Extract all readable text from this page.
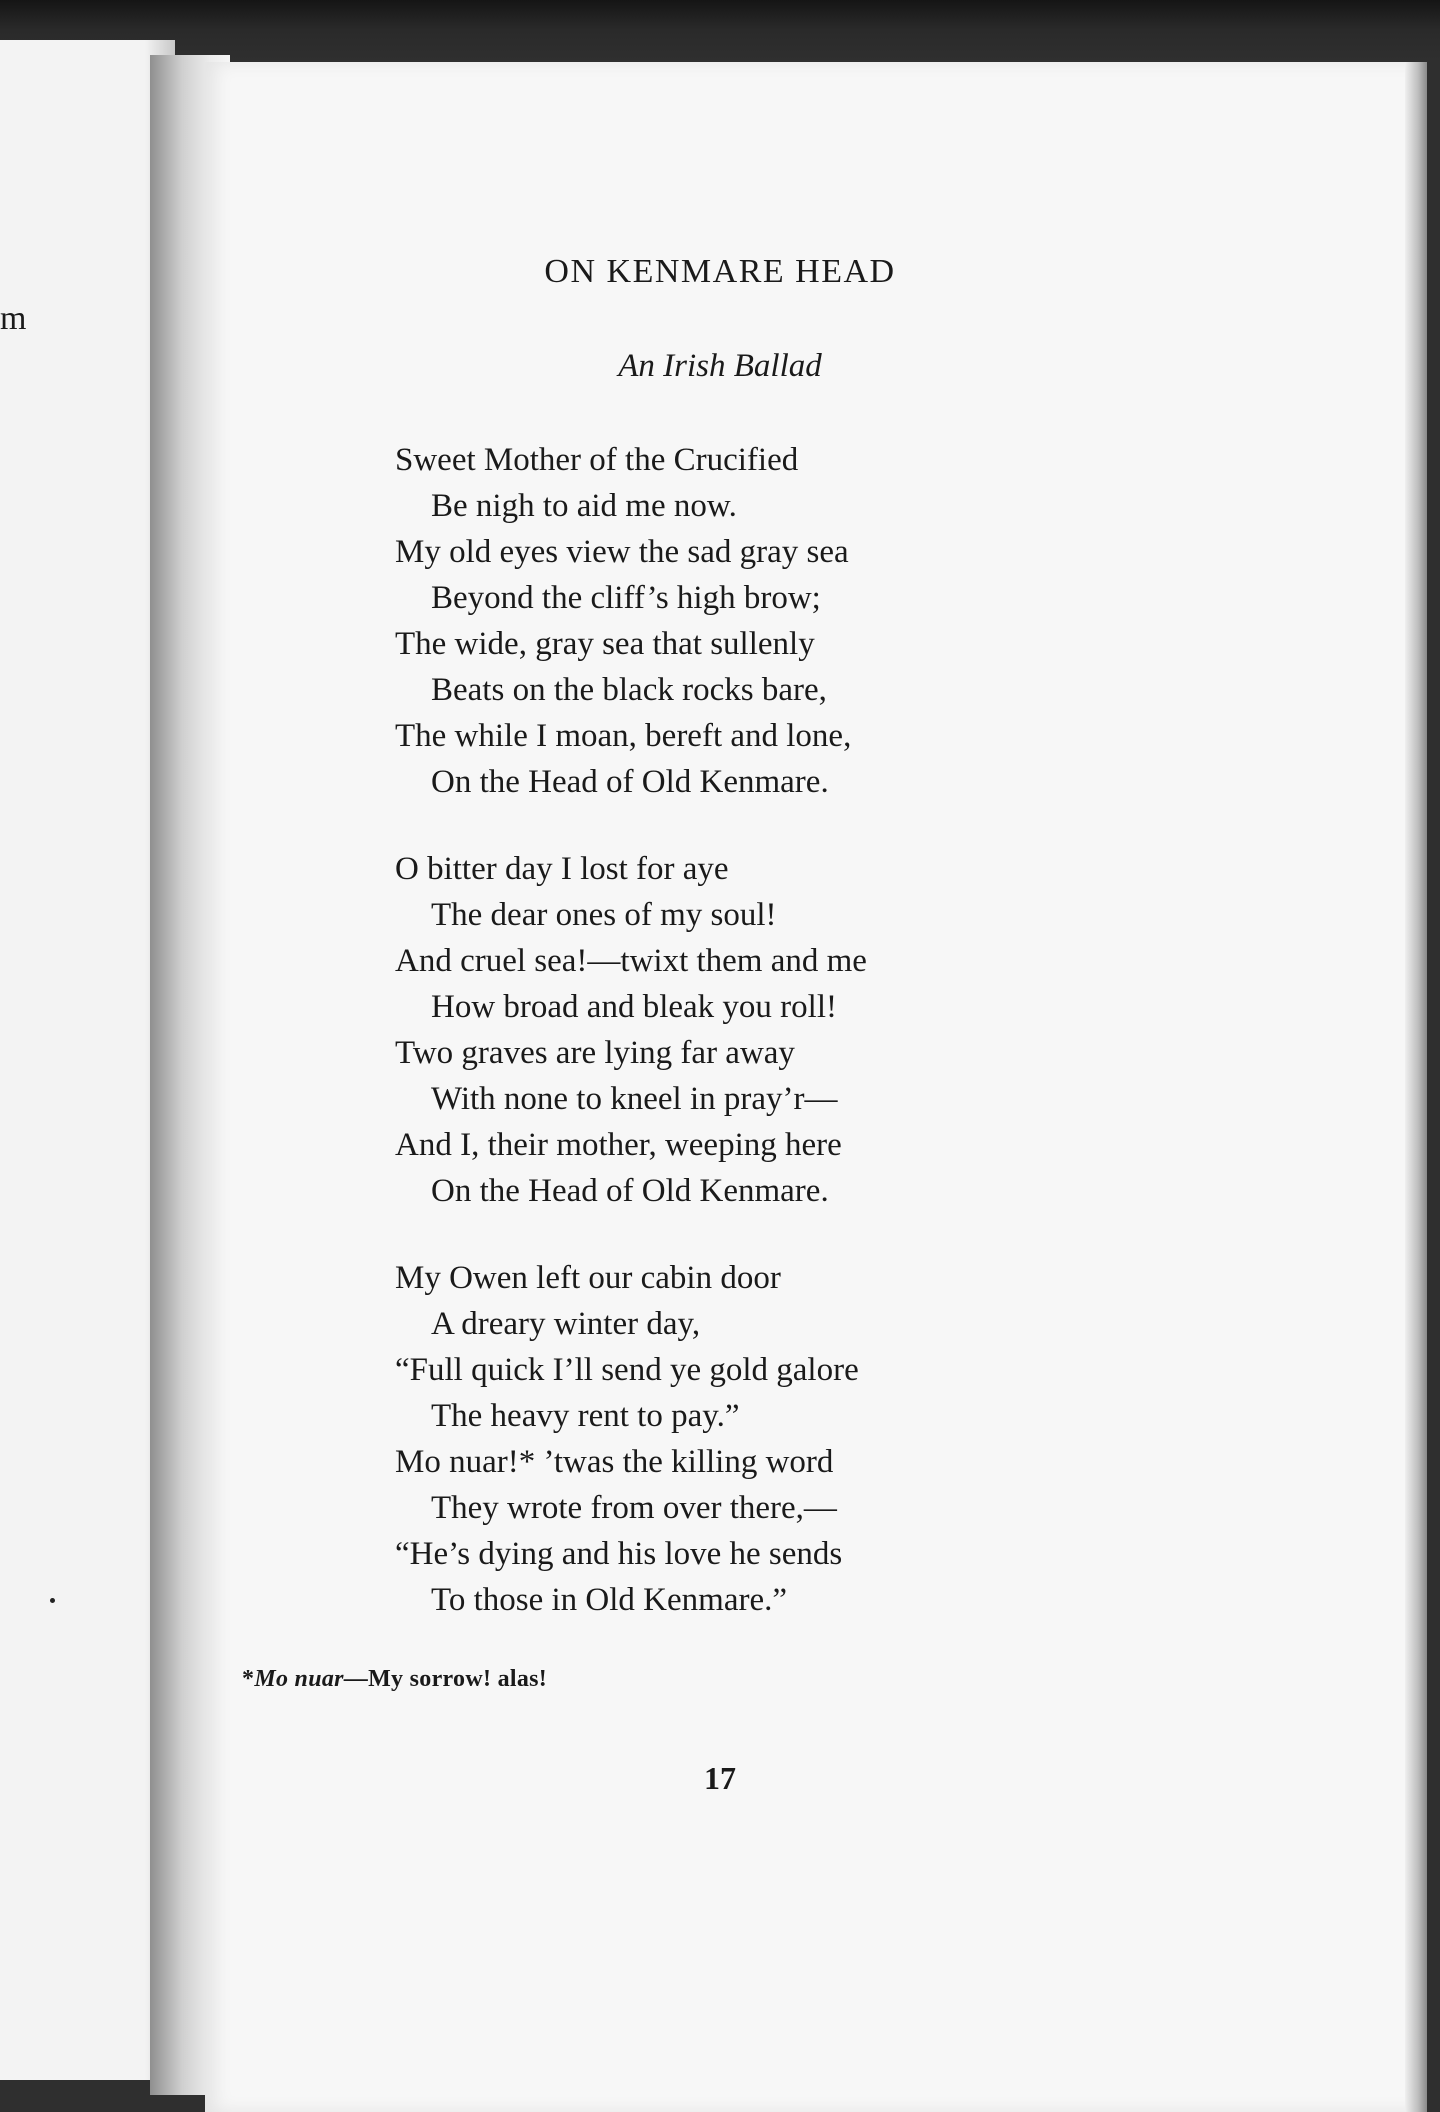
m
ON KENMARE HEAD
An Irish Ballad
Sweet Mother of the Crucified
Be nigh to aid me now.
My old eyes view the sad gray sea
Beyond the cliff’s high brow;
The wide, gray sea that sullenly
Beats on the black rocks bare,
The while I moan, bereft and lone,
On the Head of Old Kenmare.
O bitter day I lost for aye
The dear ones of my soul!
And cruel sea!—twixt them and me
How broad and bleak you roll!
Two graves are lying far away
With none to kneel in pray’r—
And I, their mother, weeping here
On the Head of Old Kenmare.
My Owen left our cabin door
A dreary winter day,
“Full quick I’ll send ye gold galore
The heavy rent to pay.”
Mo nuar!* ’twas the killing word
They wrote from over there,—
“He’s dying and his love he sends
To those in Old Kenmare.”
*Mo nuar—My sorrow! alas!
17
